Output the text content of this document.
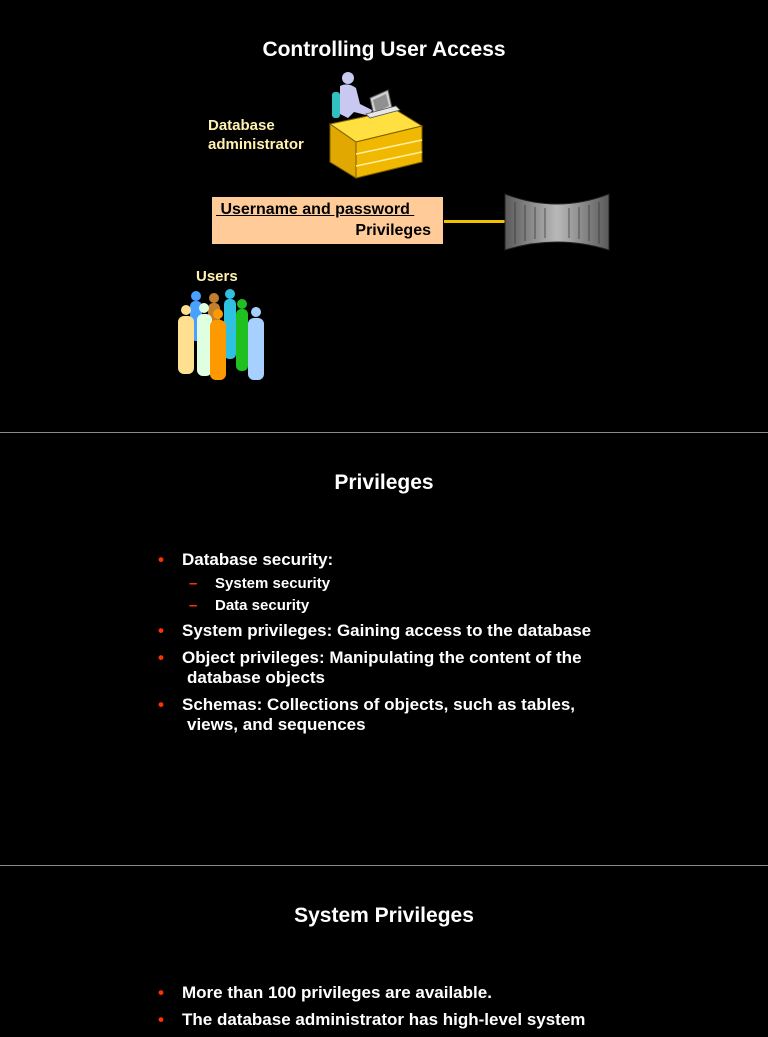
Controlling User Access
Database
administrator
Username and password
Privileges
Users
Privileges
• Database security:
– System security
– Data security
• System privileges: Gaining access to the database
• Object privileges: Manipulating the content of the
database objects
• Schemas: Collections of objects, such as tables,
views, and sequences
System Privileges
• More than 100 privileges are available.
• The database administrator has high-level system
